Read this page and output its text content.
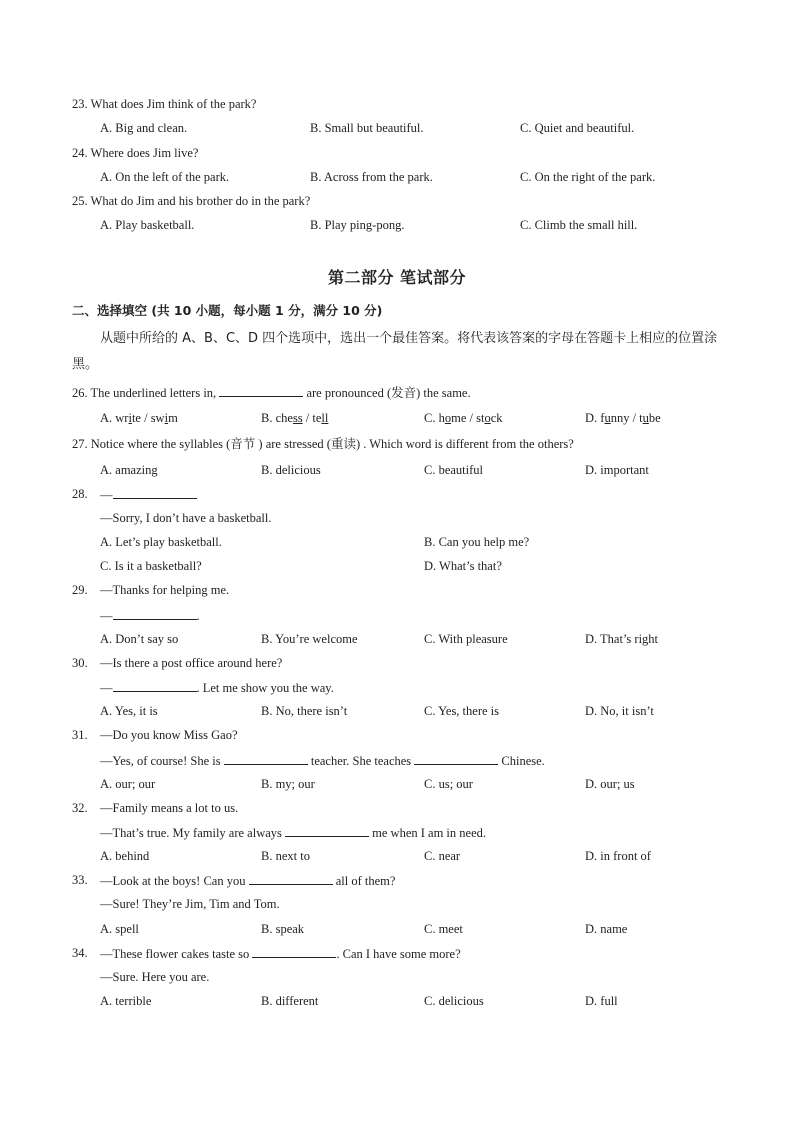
23. What does Jim think of the park?
A. Big and clean.	B. Small but beautiful.	C. Quiet and beautiful.
24. Where does Jim live?
A. On the left of the park.	B. Across from the park.	C. On the right of the park.
25. What do Jim and his brother do in the park?
A. Play basketball.	B. Play ping-pong.	C. Climb the small hill.
第二部分 笔试部分
二、选择填空 (共 10 小题，每小题 1 分，满分 10 分)
从题中所给的 A、B、C、D 四个选项中，选出一个最佳答案。将代表该答案的字母在答题卡上相应的位置涂黑。
26. The underlined letters in,	are pronounced (发音) the same.
A. write / swim	B. chess / tell	C. home / stock	D. funny / tube
27. Notice where the syllables (音节 ) are stressed (重读) . Which word is different from the others?
A. amazing	B. delicious	C. beautiful	D. important
28. —
—Sorry, I don’t have a basketball.
A. Let’s play basketball.	B. Can you help me?
C. Is it a basketball?	D. What’s that?
29. —Thanks for helping me.
—	.
A. Don’t say so	B. You’re welcome	C. With pleasure	D. That’s right
30. —Is there a post office around here?
—	. Let me show you the way.
A. Yes, it is	B. No, there isn’t	C. Yes, there is	D. No, it isn’t
31. —Do you know Miss Gao?
—Yes, of course! She is	teacher. She teaches	Chinese.
A. our; our	B. my; our	C. us; our	D. our; us
32. —Family means a lot to us.
—That’s true. My family are always	me when I am in need.
A. behind	B. next to	C. near	D. in front of
33. —Look at the boys! Can you	all of them?
—Sure! They’re Jim, Tim and Tom.
A. spell	B. speak	C. meet	D. name
34. —These flower cakes taste so	. Can I have some more?
—Sure. Here you are.
A. terrible	B. different	C. delicious	D. full
